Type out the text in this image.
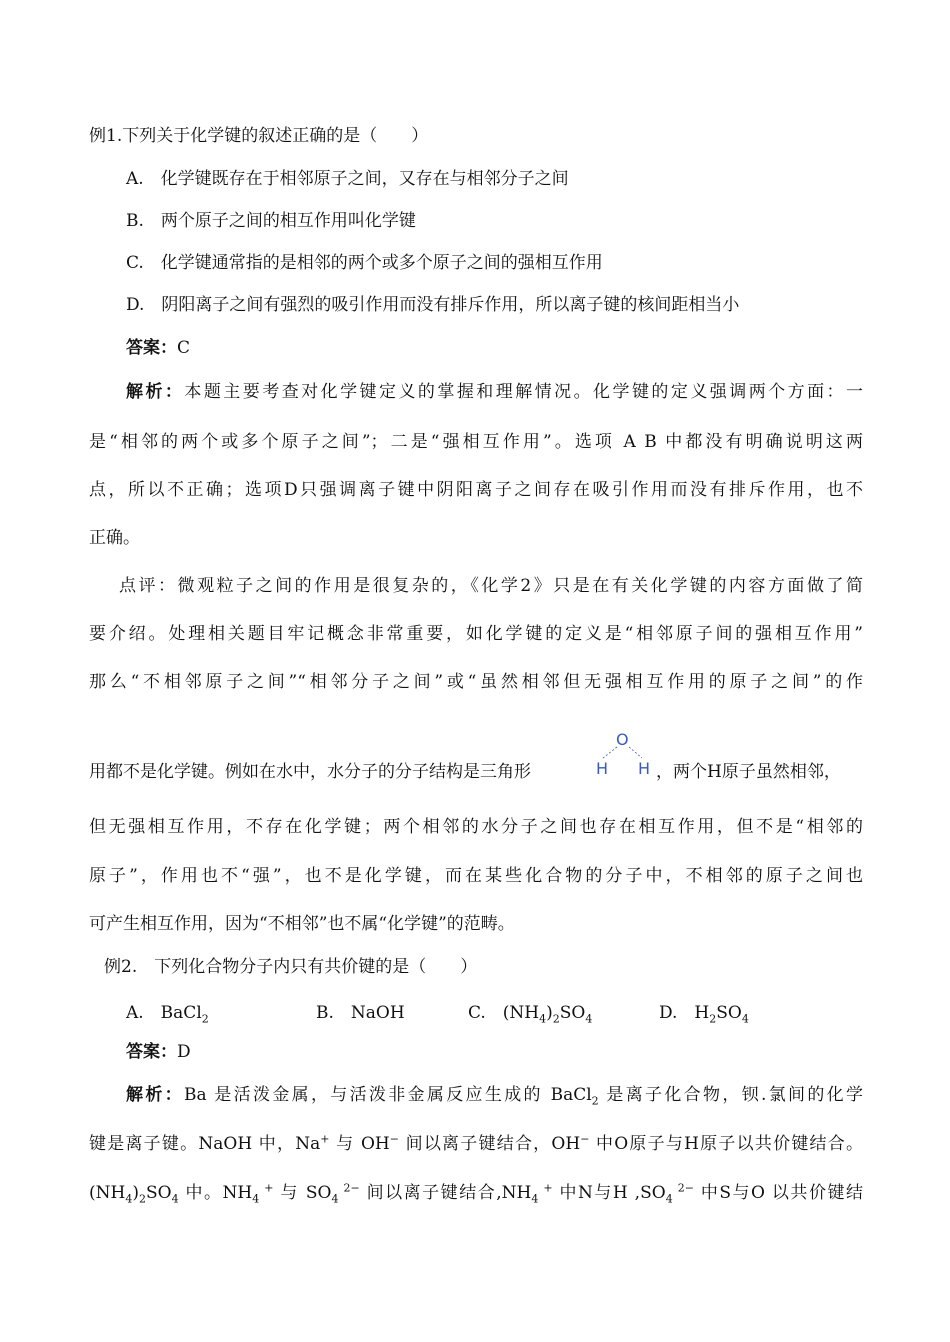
例1.下列关于化学键的叙述正确的是（　　）
A.　化学键既存在于相邻原子之间，又存在与相邻分子之间
B.　两个原子之间的相互作用叫化学键
C.　化学键通常指的是相邻的两个或多个原子之间的强相互作用
D.　阴阳离子之间有强烈的吸引作用而没有排斥作用，所以离子键的核间距相当小
答案：C
解析：本题主要考查对化学键定义的掌握和理解情况。化学键的定义强调两个方面：一
是“相邻的两个或多个原子之间”；二是“强相互作用”。选项 A B 中都没有明确说明这两
点，所以不正确；选项D只强调离子键中阴阳离子之间存在吸引作用而没有排斥作用，也不
正确。
点评：微观粒子之间的作用是很复杂的，《化学2》只是在有关化学键的内容方面做了简
要介绍。处理相关题目牢记概念非常重要，如化学键的定义是“相邻原子间的强相互作用”
那么“不相邻原子之间”“相邻分子之间”或“虽然相邻但无强相互作用的原子之间”的作
用都不是化学键。例如在水中，水分子的分子结构是三角形
O
H H ，两个H原子虽然相邻，
但无强相互作用，不存在化学键；两个相邻的水分子之间也存在相互作用，但不是“相邻的
原子”，作用也不“强”，也不是化学键，而在某些化合物的分子中，不相邻的原子之间也
可产生相互作用，因为“不相邻”也不属“化学键”的范畴。
例2.　下列化合物分子内只有共价键的是（　　）
A.　BaCl$_2$	B.　NaOH	C.　$(NH_4)_2SO_4$	D.　$H_2SO_4$
答案：D
解析：Ba 是活泼金属，与活泼非金属反应生成的 BaCl$_2$ 是离子化合物，钡.氯间的化学
键是离子键。NaOH 中，Na+ 与 OH− 间以离子键结合，OH− 中O原子与H原子以共价键结合。
$(NH_4)_2SO_4$ 中。$NH_4$ + 与 $SO_4$ $^{2-}$ 间以离子键结合$,NH_4$ + 中N与H $,SO_4$ $^{2-}$ 中S与O 以共价键结
